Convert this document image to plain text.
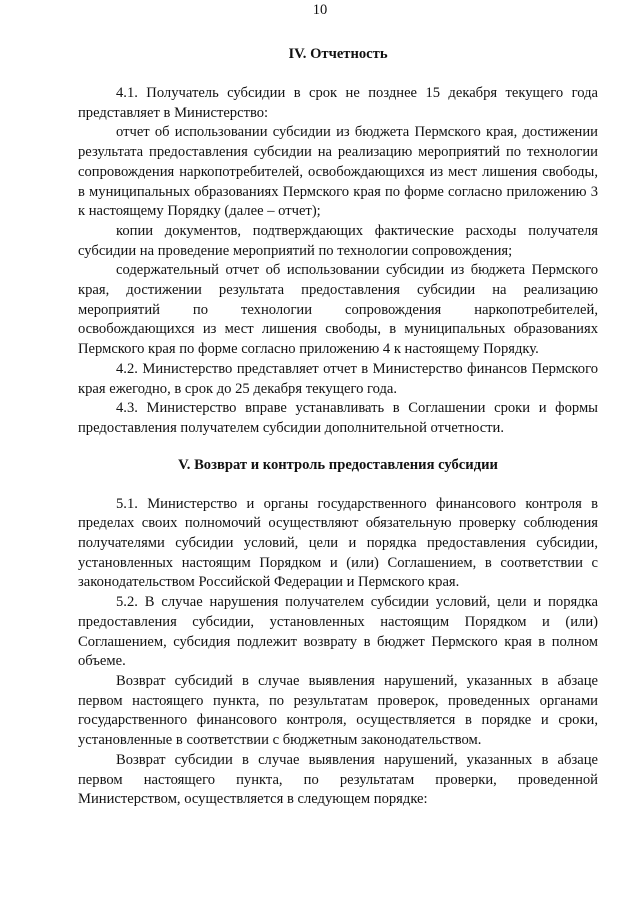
10
IV. Отчетность

4.1. Получатель субсидии в срок не позднее 15 декабря текущего года представляет в Министерство:

отчет об использовании субсидии из бюджета Пермского края, достижении результата предоставления субсидии на реализацию мероприятий по технологии сопровождения наркопотребителей, освобождающихся из мест лишения свободы, в муниципальных образованиях Пермского края по форме согласно приложению 3 к настоящему Порядку (далее – отчет);

копии документов, подтверждающих фактические расходы получателя субсидии на проведение мероприятий по технологии сопровождения;

содержательный отчет об использовании субсидии из бюджета Пермского края, достижении результата предоставления субсидии на реализацию мероприятий по технологии сопровождения наркопотребителей, освобождающихся из мест лишения свободы, в муниципальных образованиях Пермского края по форме согласно приложению 4 к настоящему Порядку.

4.2. Министерство представляет отчет в Министерство финансов Пермского края ежегодно, в срок до 25 декабря текущего года.

4.3. Министерство вправе устанавливать в Соглашении сроки и формы предоставления получателем субсидии дополнительной отчетности.

V. Возврат и контроль предоставления субсидии

5.1. Министерство и органы государственного финансового контроля в пределах своих полномочий осуществляют обязательную проверку соблюдения получателями субсидии условий, цели и порядка предоставления субсидии, установленных настоящим Порядком и (или) Соглашением, в соответствии с законодательством Российской Федерации и Пермского края.

5.2. В случае нарушения получателем субсидии условий, цели и порядка предоставления субсидии, установленных настоящим Порядком и (или) Соглашением, субсидия подлежит возврату в бюджет Пермского края в полном объеме.

Возврат субсидий в случае выявления нарушений, указанных в абзаце первом настоящего пункта, по результатам проверок, проведенных органами государственного финансового контроля, осуществляется в порядке и сроки, установленные в соответствии с бюджетным законодательством.

Возврат субсидии в случае выявления нарушений, указанных в абзаце первом настоящего пункта, по результатам проверки, проведенной Министерством, осуществляется в следующем порядке:
